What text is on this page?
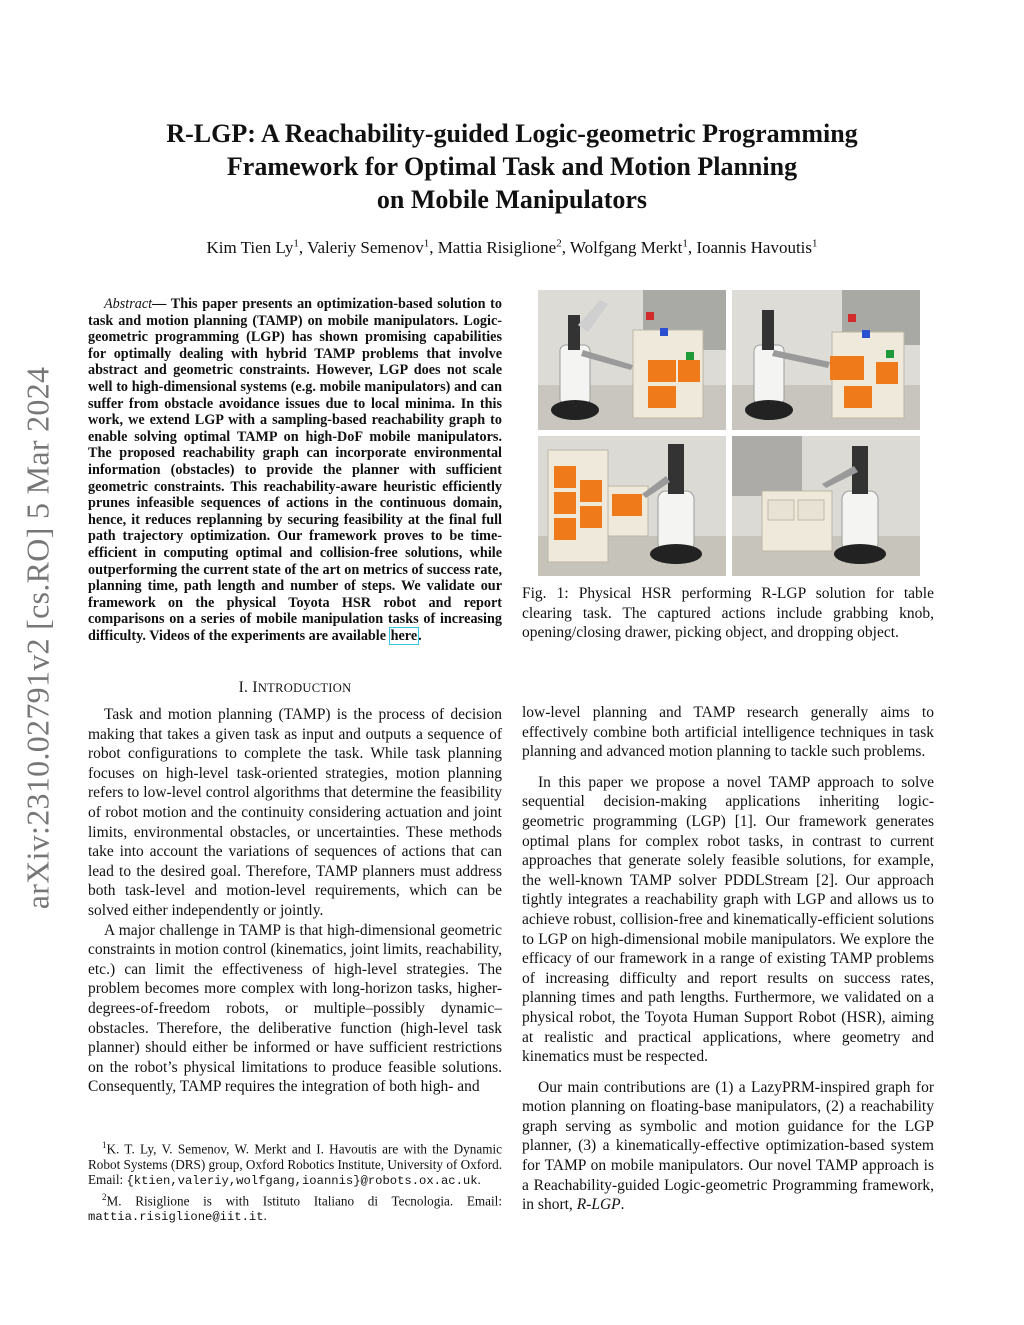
arXiv:2310.02791v2 [cs.RO] 5 Mar 2024
R-LGP: A Reachability-guided Logic-geometric Programming
Framework for Optimal Task and Motion Planning
on Mobile Manipulators
Kim Tien Ly$^1$, Valeriy Semenov$^1$, Mattia Risiglione$^2$, Wolfgang Merkt$^1$, Ioannis Havoutis$^1$

Abstract— This paper presents an optimization-based solution to task and motion planning (TAMP) on mobile manipulators. Logic-geometric programming (LGP) has shown promising capabilities for optimally dealing with hybrid TAMP problems that involve abstract and geometric constraints. However, LGP does not scale well to high-dimensional systems (e.g. mobile manipulators) and can suffer from obstacle avoidance issues due to local minima. In this work, we extend LGP with a sampling-based reachability graph to enable solving optimal TAMP on high-DoF mobile manipulators. The proposed reachability graph can incorporate environmental information (obstacles) to provide the planner with sufficient geometric constraints. This reachability-aware heuristic efficiently prunes infeasible sequences of actions in the continuous domain, hence, it reduces replanning by securing feasibility at the final full path trajectory optimization. Our framework proves to be time-efficient in computing optimal and collision-free solutions, while outperforming the current state of the art on metrics of success rate, planning time, path length and number of steps. We validate our framework on the physical Toyota HSR robot and report comparisons on a series of mobile manipulation tasks of increasing difficulty. Videos of the experiments are available here.

I. INTRODUCTION

Task and motion planning (TAMP) is the process of decision making that takes a given task as input and outputs a sequence of robot configurations to complete the task. While task planning focuses on high-level task-oriented strategies, motion planning refers to low-level control algorithms that determine the feasibility of robot motion and the continuity considering actuation and joint limits, environmental obstacles, or uncertainties. These methods take into account the variations of sequences of actions that can lead to the desired goal. Therefore, TAMP planners must address both task-level and motion-level requirements, which can be solved either independently or jointly.

A major challenge in TAMP is that high-dimensional geometric constraints in motion control (kinematics, joint limits, reachability, etc.) can limit the effectiveness of high-level strategies. The problem becomes more complex with long-horizon tasks, higher-degrees-of-freedom robots, or multiple–possibly dynamic–obstacles. Therefore, the deliberative function (high-level task planner) should either be informed or have sufficient restrictions on the robot’s physical limitations to produce feasible solutions. Consequently, TAMP requires the integration of both high- and

$^1$K. T. Ly, V. Semenov, W. Merkt and I. Havoutis are with the Dynamic Robot Systems (DRS) group, Oxford Robotics Institute, University of Oxford. Email: {ktien,valeriy,wolfgang,ioannis}@robots.ox.ac.uk.
$^2$M. Risiglione is with Istituto Italiano di Tecnologia. Email: mattia.risiglione@iit.it.
Fig. 1: Physical HSR performing R-LGP solution for table clearing task. The captured actions include grabbing knob, opening/closing drawer, picking object, and dropping object.

low-level planning and TAMP research generally aims to effectively combine both artificial intelligence techniques in task planning and advanced motion planning to tackle such problems.

In this paper we propose a novel TAMP approach to solve sequential decision-making applications inheriting logic-geometric programming (LGP) [1]. Our framework generates optimal plans for complex robot tasks, in contrast to current approaches that generate solely feasible solutions, for example, the well-known TAMP solver PDDLStream [2]. Our approach tightly integrates a reachability graph with LGP and allows us to achieve robust, collision-free and kinematically-efficient solutions to LGP on high-dimensional mobile manipulators. We explore the efficacy of our framework in a range of existing TAMP problems of increasing difficulty and report results on success rates, planning times and path lengths. Furthermore, we validated on a physical robot, the Toyota Human Support Robot (HSR), aiming at realistic and practical applications, where geometry and kinematics must be respected.

Our main contributions are (1) a LazyPRM-inspired graph for motion planning on floating-base manipulators, (2) a reachability graph serving as symbolic and motion guidance for the LGP planner, (3) a kinematically-effective optimization-based system for TAMP on mobile manipulators. Our novel TAMP approach is a Reachability-guided Logic-geometric Programming framework, in short, R-LGP.
